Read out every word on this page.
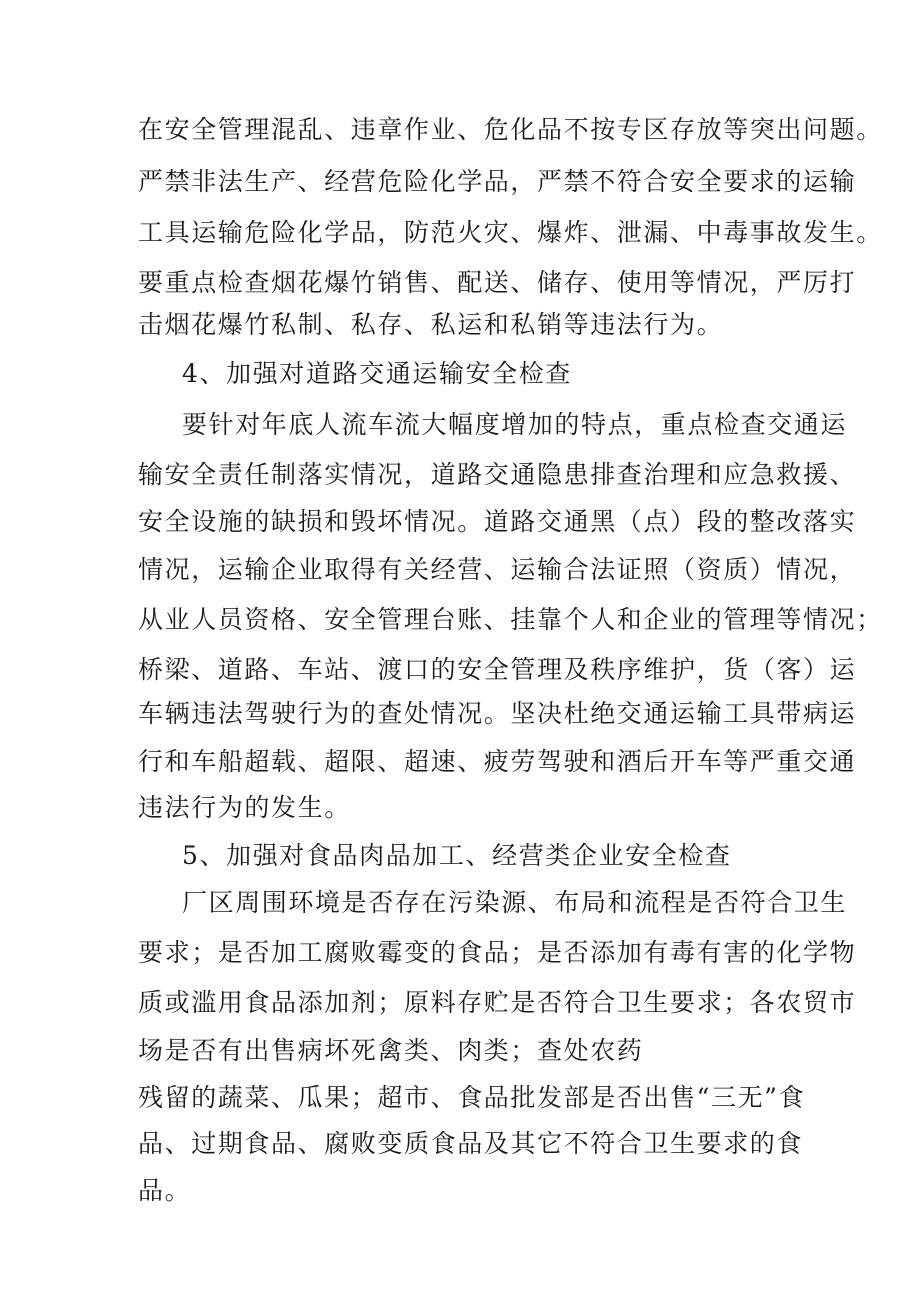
在安全管理混乱、违章作业、危化品不按专区存放等突出问题。
严禁非法生产、经营危险化学品，严禁不符合安全要求的运输
工具运输危险化学品，防范火灾、爆炸、泄漏、中毒事故发生。
要重点检查烟花爆竹销售、配送、储存、使用等情况，严厉打
击烟花爆竹私制、私存、私运和私销等违法行为。
4、加强对道路交通运输安全检查
要针对年底人流车流大幅度增加的特点，重点检查交通运
输安全责任制落实情况，道路交通隐患排查治理和应急救援、
安全设施的缺损和毁坏情况。道路交通黑（点）段的整改落实
情况，运输企业取得有关经营、运输合法证照（资质）情况，
从业人员资格、安全管理台账、挂靠个人和企业的管理等情况；
桥梁、道路、车站、渡口的安全管理及秩序维护，货（客）运
车辆违法驾驶行为的查处情况。坚决杜绝交通运输工具带病运
行和车船超载、超限、超速、疲劳驾驶和酒后开车等严重交通
违法行为的发生。
5、加强对食品肉品加工、经营类企业安全检查
厂区周围环境是否存在污染源、布局和流程是否符合卫生
要求；是否加工腐败霉变的食品；是否添加有毒有害的化学物
质或滥用食品添加剂；原料存贮是否符合卫生要求；各农贸市
场是否有出售病坏死禽类、肉类；查处农药
残留的蔬菜、瓜果；超市、食品批发部是否出售“三无”食
品、过期食品、腐败变质食品及其它不符合卫生要求的食
品。
